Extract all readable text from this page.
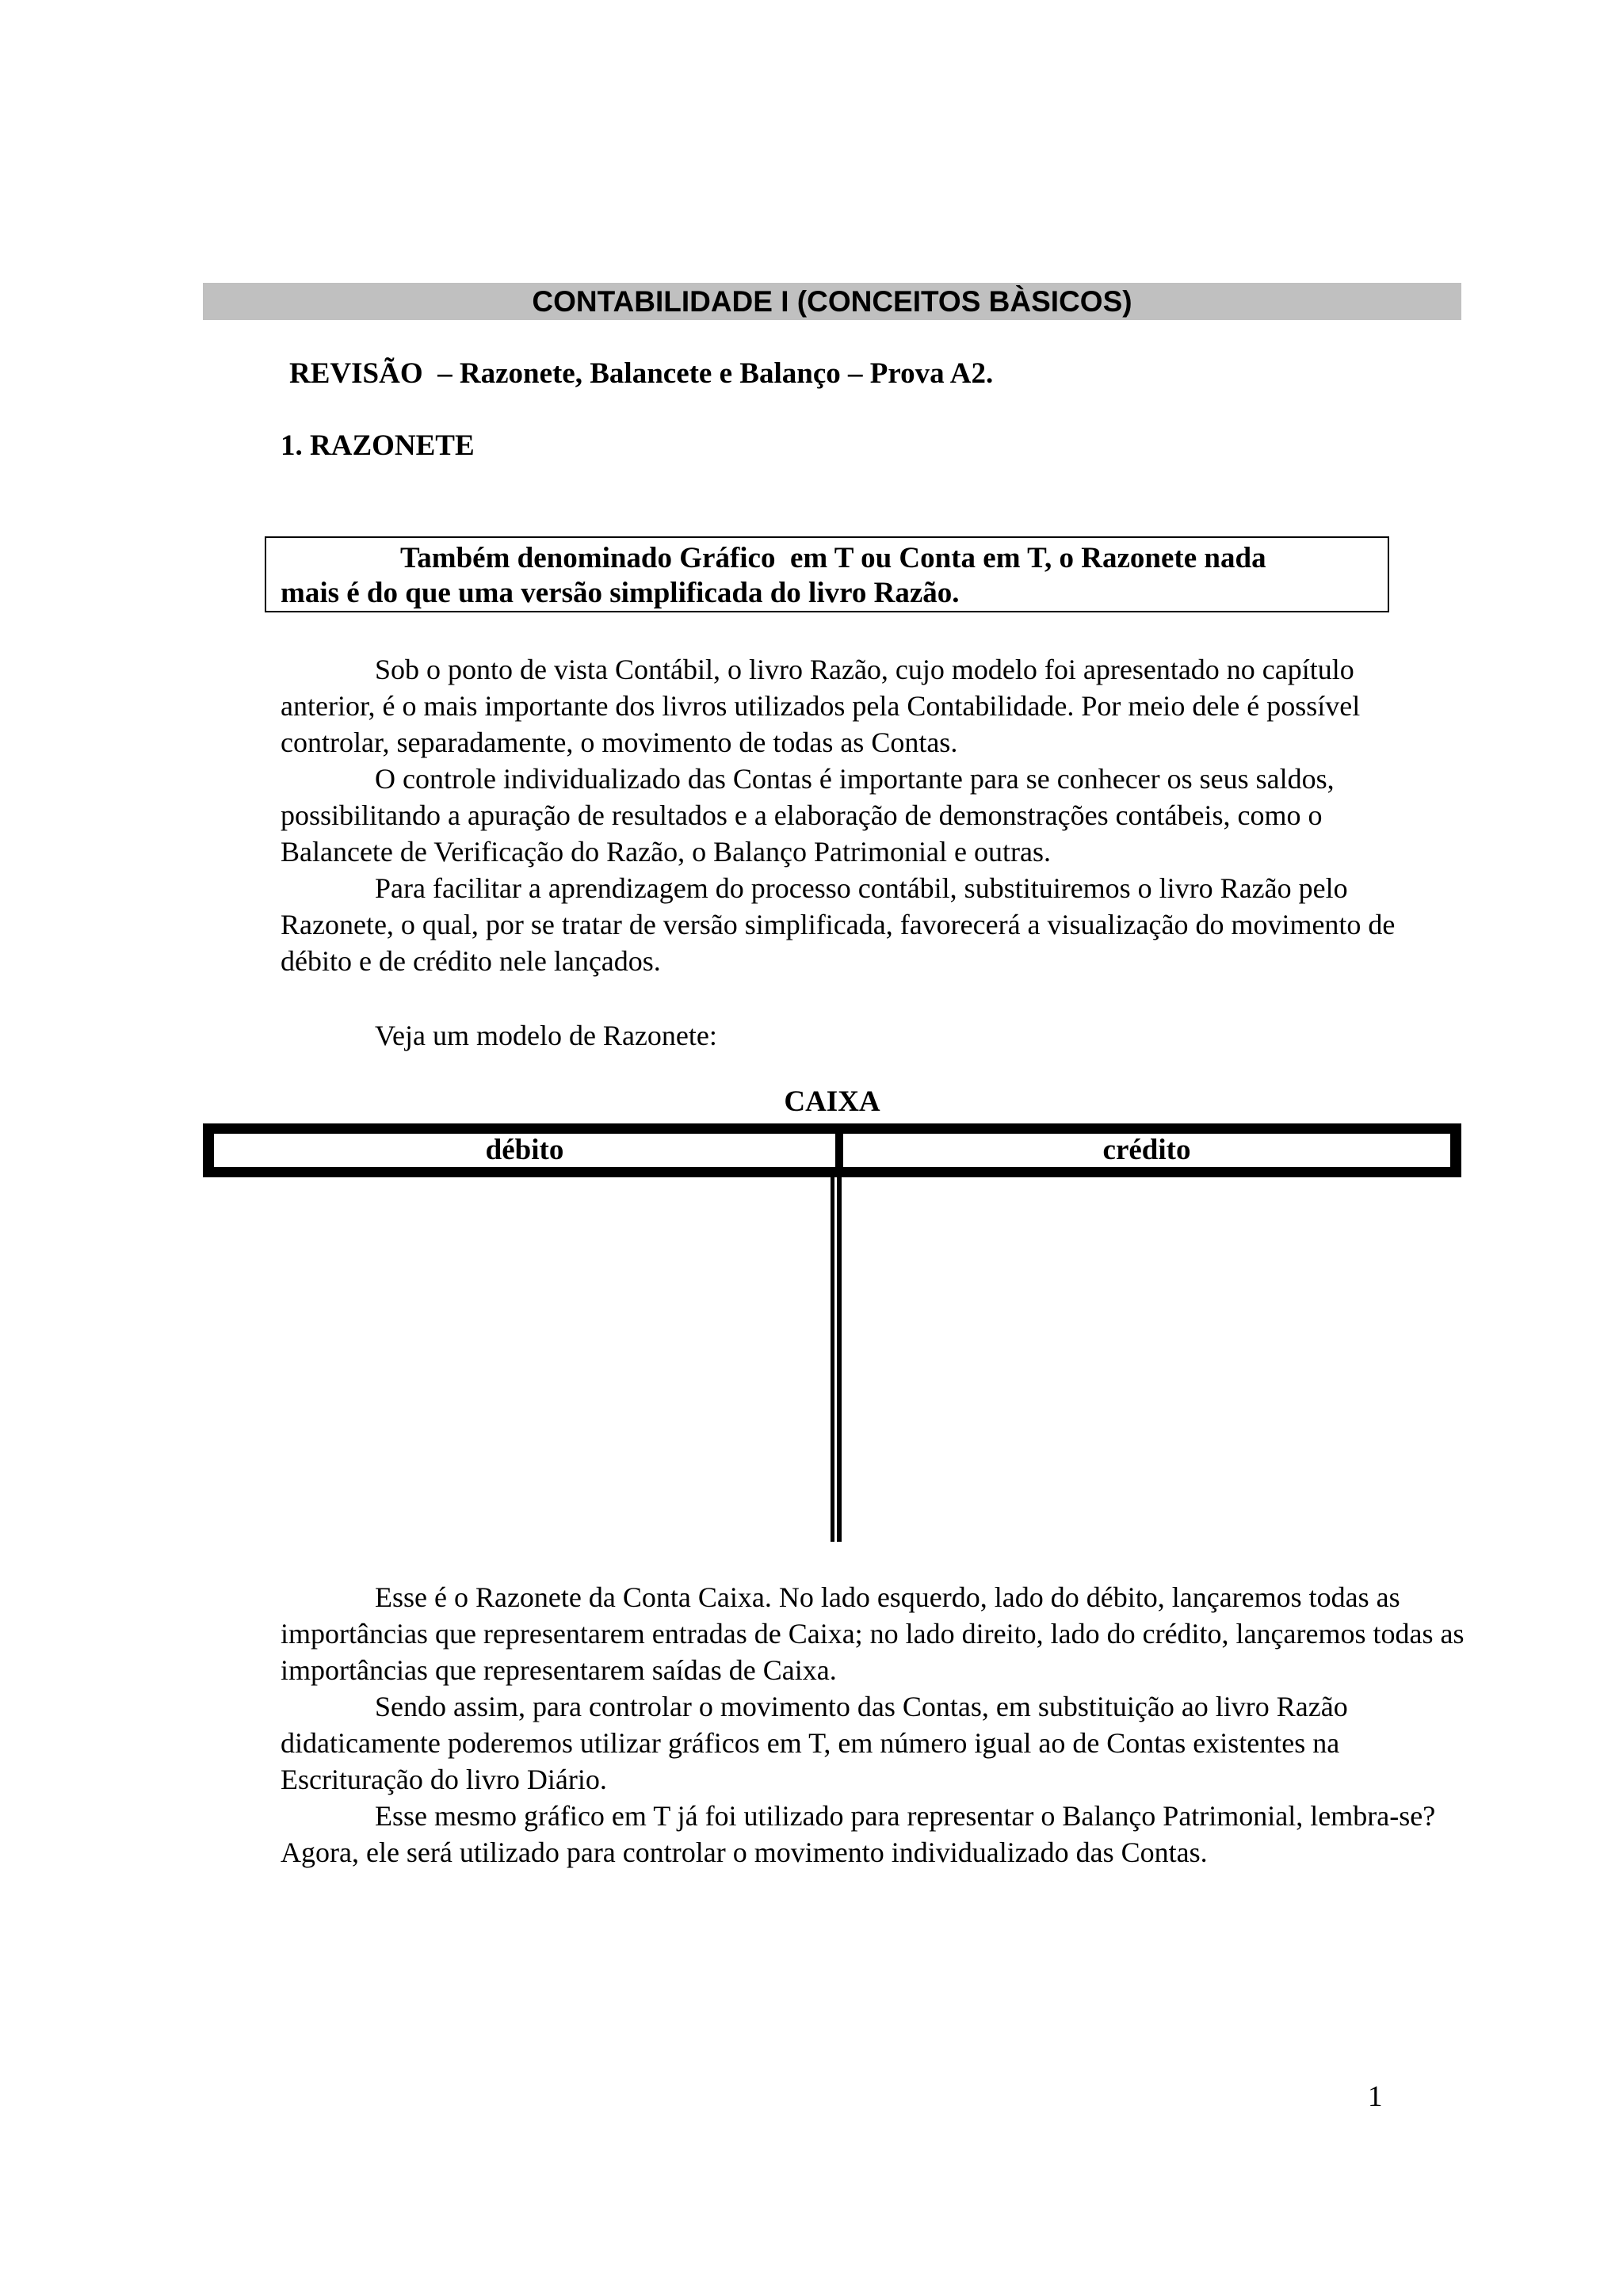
CONTABILIDADE I (CONCEITOS BÀSICOS)
REVISÃO  – Razonete, Balancete e Balanço – Prova A2.
1. RAZONETE
Também denominado Gráfico  em T ou Conta em T, o Razonete nada
mais é do que uma versão simplificada do livro Razão.

Sob o ponto de vista Contábil, o livro Razão, cujo modelo foi apresentado no capítulo anterior, é o mais importante dos livros utilizados pela Contabilidade. Por meio dele é possível controlar, separadamente, o movimento de todas as Contas.

O controle individualizado das Contas é importante para se conhecer os seus saldos, possibilitando a apuração de resultados e a elaboração de demonstrações contábeis, como o Balancete de Verificação do Razão, o Balanço Patrimonial e outras.

Para facilitar a aprendizagem do processo contábil, substituiremos o livro Razão pelo Razonete, o qual, por se tratar de versão simplificada, favorecerá a visualização do movimento de débito e de crédito nele lançados.

Veja um modelo de Razonete:
CAIXA
débito	crédito

Esse é o Razonete da Conta Caixa. No lado esquerdo, lado do débito, lançaremos todas as importâncias que representarem entradas de Caixa; no lado direito, lado do crédito, lançaremos todas as importâncias que representarem saídas de Caixa.

Sendo assim, para controlar o movimento das Contas, em substituição ao livro Razão didaticamente poderemos utilizar gráficos em T, em número igual ao de Contas existentes na Escrituração do livro Diário.

Esse mesmo gráfico em T já foi utilizado para representar o Balanço Patrimonial, lembra-se? Agora, ele será utilizado para controlar o movimento individualizado das Contas.

1
